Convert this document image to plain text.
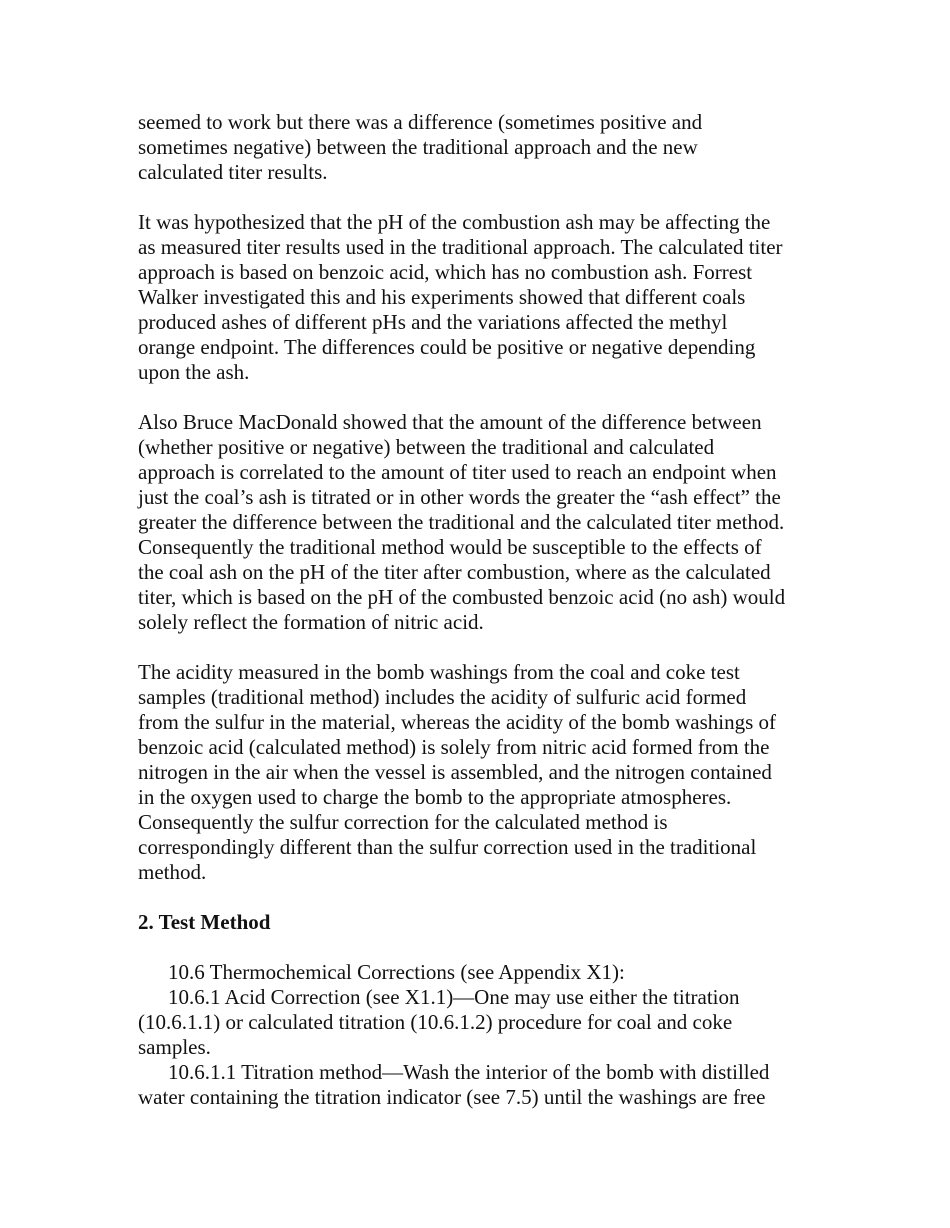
seemed to work but there was a difference (sometimes positive and
sometimes negative) between the traditional approach and the new
calculated titer results.

It was hypothesized that the pH of the combustion ash may be affecting the
as measured titer results used in the traditional approach. The calculated titer
approach is based on benzoic acid, which has no combustion ash. Forrest
Walker investigated this and his experiments showed that different coals
produced ashes of different pHs and the variations affected the methyl
orange endpoint. The differences could be positive or negative depending
upon the ash.

Also Bruce MacDonald showed that the amount of the difference between
(whether positive or negative) between the traditional and calculated
approach is correlated to the amount of titer used to reach an endpoint when
just the coal’s ash is titrated or in other words the greater the “ash effect” the
greater the difference between the traditional and the calculated titer method.
Consequently the traditional method would be susceptible to the effects of
the coal ash on the pH of the titer after combustion, where as the calculated
titer, which is based on the pH of the combusted benzoic acid (no ash) would
solely reflect the formation of nitric acid.

The acidity measured in the bomb washings from the coal and coke test
samples (traditional method) includes the acidity of sulfuric acid formed
from the sulfur in the material, whereas the acidity of the bomb washings of
benzoic acid (calculated method) is solely from nitric acid formed from the
nitrogen in the air when the vessel is assembled, and the nitrogen contained
in the oxygen used to charge the bomb to the appropriate atmospheres.
Consequently the sulfur correction for the calculated method is
correspondingly different than the sulfur correction used in the traditional
method.

2. Test Method

10.6 Thermochemical Corrections (see Appendix X1):

10.6.1 Acid Correction (see X1.1)—One may use either the titration
(10.6.1.1) or calculated titration (10.6.1.2) procedure for coal and coke
samples.

10.6.1.1 Titration method—Wash the interior of the bomb with distilled
water containing the titration indicator (see 7.5) until the washings are free
